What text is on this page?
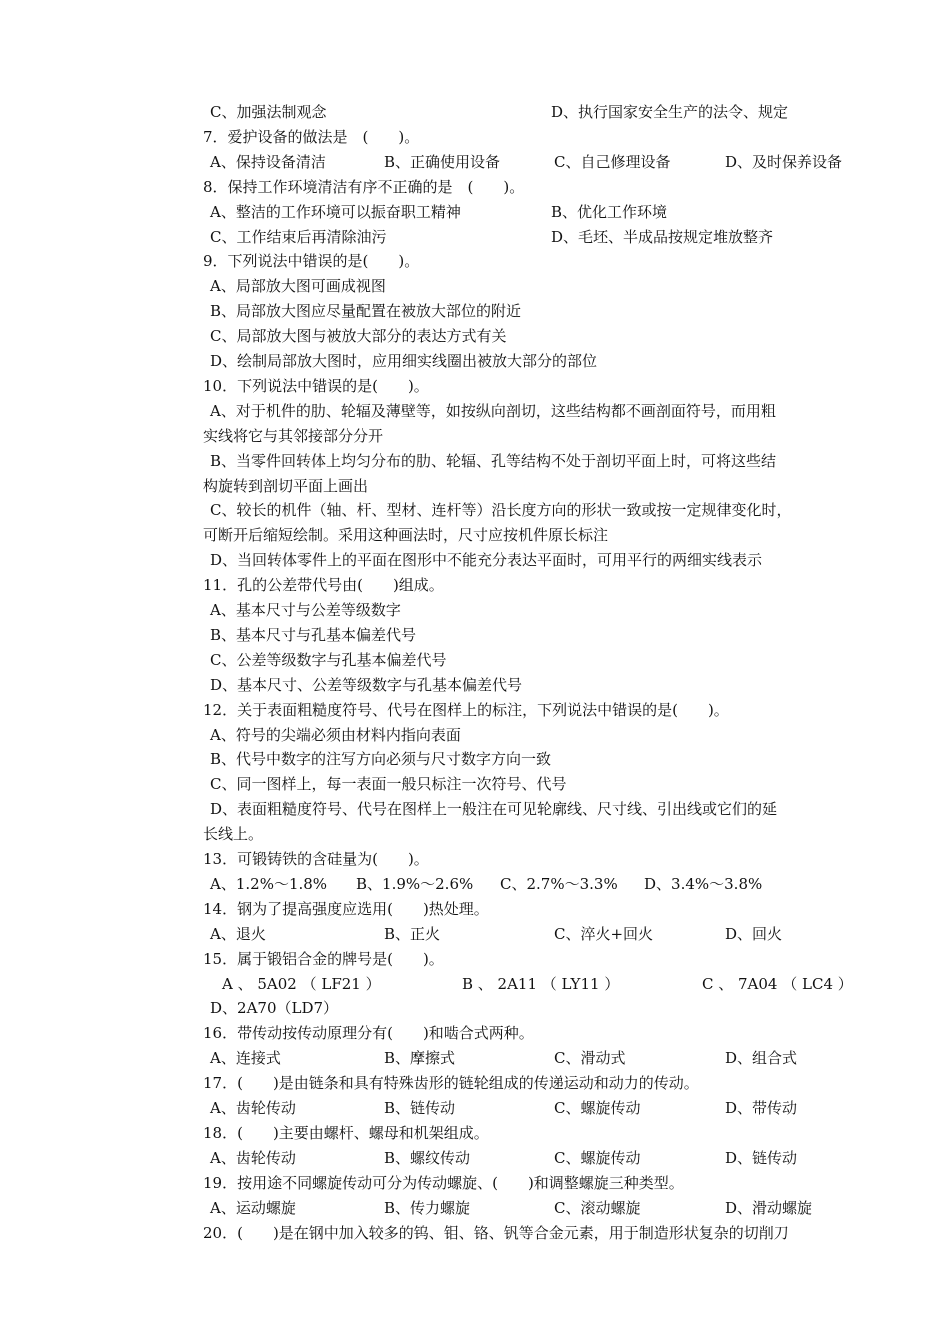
C、加强法制观念	D、执行国家安全生产的法令、规定
7．爱护设备的做法是　(　　)。
A、保持设备清洁	B、正确使用设备	C、自己修理设备	D、及时保养设备
8．保持工作环境清洁有序不正确的是　(　　)。
A、整洁的工作环境可以振奋职工精神	B、优化工作环境
C、工作结束后再清除油污	D、毛坯、半成品按规定堆放整齐
9．下列说法中错误的是(　　)。
A、局部放大图可画成视图
B、局部放大图应尽量配置在被放大部位的附近
C、局部放大图与被放大部分的表达方式有关
D、绘制局部放大图时，应用细实线圈出被放大部分的部位
10．下列说法中错误的是(　　)。
A、对于机件的肋、轮辐及薄壁等，如按纵向剖切，这些结构都不画剖面符号，而用粗
实线将它与其邻接部分分开
B、当零件回转体上均匀分布的肋、轮辐、孔等结构不处于剖切平面上时，可将这些结
构旋转到剖切平面上画出
C、较长的机件（轴、杆、型材、连杆等）沿长度方向的形状一致或按一定规律变化时，
可断开后缩短绘制。采用这种画法时，尺寸应按机件原长标注
D、当回转体零件上的平面在图形中不能充分表达平面时，可用平行的两细实线表示
11．孔的公差带代号由(　　)组成。
A、基本尺寸与公差等级数字
B、基本尺寸与孔基本偏差代号
C、公差等级数字与孔基本偏差代号
D、基本尺寸、公差等级数字与孔基本偏差代号
12．关于表面粗糙度符号、代号在图样上的标注，下列说法中错误的是(　　)。
A、符号的尖端必须由材料内指向表面
B、代号中数字的注写方向必须与尺寸数字方向一致
C、同一图样上，每一表面一般只标注一次符号、代号
D、表面粗糙度符号、代号在图样上一般注在可见轮廓线、尺寸线、引出线或它们的延
长线上。
13．可锻铸铁的含硅量为(　　)。
A、1.2%～1.8% B、1.9%～2.6% C、2.7%～3.3% D、3.4%～3.8%
14．钢为了提高强度应选用(　　)热处理。
A、退火	B、正火	C、淬火+回火	D、回火
15．属于锻铝合金的牌号是(　　)。
A 、 5A02 （ LF21 ）	B 、 2A11 （ LY11 ）	C 、 7A04 （ LC4 ）
D、2A70（LD7）
16．带传动按传动原理分有(　　)和啮合式两种。
A、连接式	B、摩擦式	C、滑动式	D、组合式
17．(　　)是由链条和具有特殊齿形的链轮组成的传递运动和动力的传动。
A、齿轮传动	B、链传动	C、螺旋传动	D、带传动
18．(　　)主要由螺杆、螺母和机架组成。
A、齿轮传动	B、螺纹传动	C、螺旋传动	D、链传动
19．按用途不同螺旋传动可分为传动螺旋、(　　)和调整螺旋三种类型。
A、运动螺旋	B、传力螺旋	C、滚动螺旋	D、滑动螺旋
20．(　　)是在钢中加入较多的钨、钼、铬、钒等合金元素，用于制造形状复杂的切削刀
